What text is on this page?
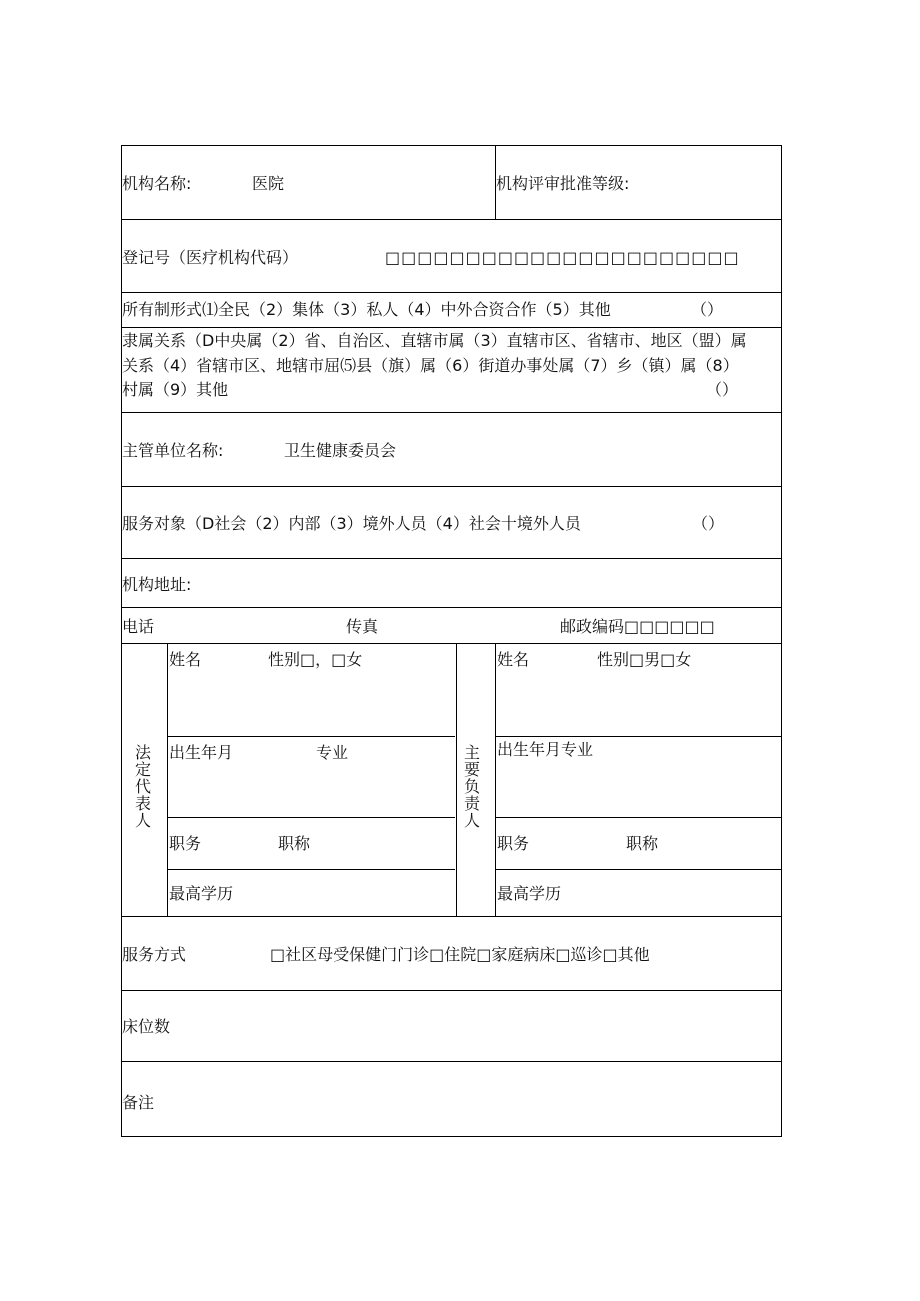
机构名称:	医院	机构评审批准等级:
登记号（医疗机构代码）	□□□□□□□□□□□□□□□□□□□□□□
所有制形式⑴全民（2）集体（3）私人（4）中外合资合作（5）其他	（）
隶属关系（D中央属（2）省、自治区、直辖市属（3）直辖市区、省辖市、地区（盟）属
关系（4）省辖市区、地辖市屈⑸县（旗）属（6）街道办事处属（7）乡（镇）属（8）
村属（9）其他	（）
主管单位名称:	卫生健康委员会
服务对象（D社会（2）内部（3）境外人员（4）社会十境外人员	（）
机构地址:
电话	传真	邮政编码□□□□□□
法定代表人
姓名	性别□，□女
出生年月	专业
职务	职称
最高学历
主要负责人
姓名	性别□男□女
出生年月专业
职务	职称
最高学历
服务方式	□社区母受保健门门诊□住院□家庭病床□巡诊□其他
床位数
备注
